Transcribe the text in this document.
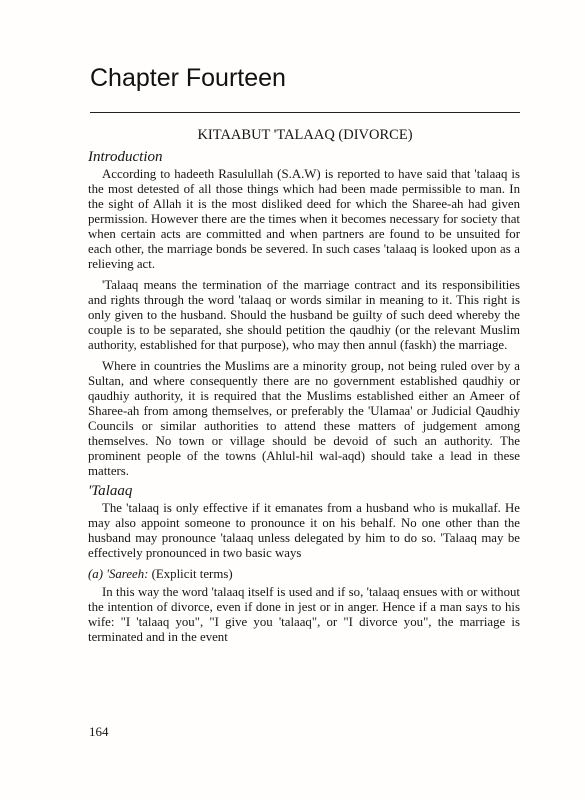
Chapter Fourteen
KITAABUT 'TALAAQ (DIVORCE)
Introduction

According to hadeeth Rasulullah (S.A.W) is reported to have said that 'talaaq is the most detested of all those things which had been made permissible to man. In the sight of Allah it is the most disliked deed for which the Sharee-ah had given permission. However there are the times when it becomes necessary for society that when certain acts are committed and when partners are found to be unsuited for each other, the marriage bonds be severed. In such cases 'talaaq is looked upon as a relieving act.

'Talaaq means the termination of the marriage contract and its responsibilities and rights through the word 'talaaq or words similar in meaning to it. This right is only given to the husband. Should the husband be guilty of such deed whereby the couple is to be separated, she should petition the qaudhiy (or the relevant Muslim authority, established for that purpose), who may then annul (faskh) the marriage.

Where in countries the Muslims are a minority group, not being ruled over by a Sultan, and where consequently there are no government established qaudhiy or qaudhiy authority, it is required that the Muslims established either an Ameer of Sharee-ah from among themselves, or preferably the 'Ulamaa' or Judicial Qaudhiy Councils or similar authorities to attend these matters of judgement among themselves. No town or village should be devoid of such an authority. The prominent people of the towns (Ahlul-hil wal-aqd) should take a lead in these matters.

'Talaaq

The 'talaaq is only effective if it emanates from a husband who is mukallaf. He may also appoint someone to pronounce it on his behalf. No one other than the husband may pronounce 'talaaq unless delegated by him to do so. 'Talaaq may be effectively pronounced in two basic ways

(a) 'Sareeh: (Explicit terms)

In this way the word 'talaaq itself is used and if so, 'talaaq ensues with or without the intention of divorce, even if done in jest or in anger. Hence if a man says to his wife: "I 'talaaq you", "I give you 'talaaq", or "I divorce you", the marriage is terminated and in the event

164
